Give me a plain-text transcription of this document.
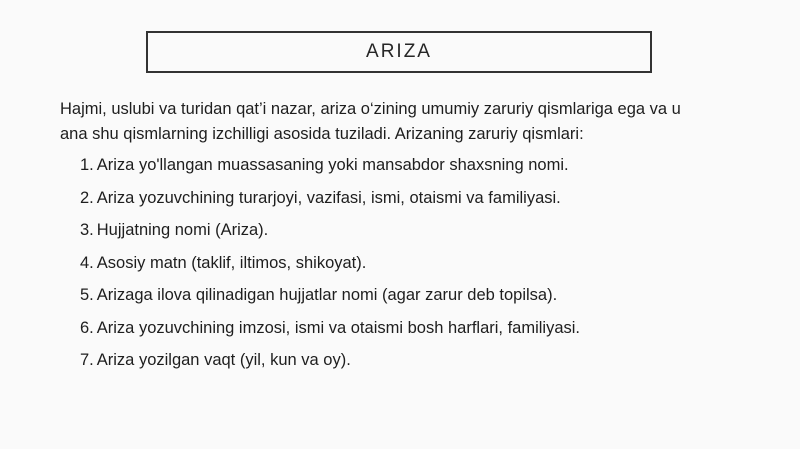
ARIZA
Hajmi, uslubi va turidan qat’i nazar, ariza o‘zining umumiy zaruriy qismlariga ega va u
ana shu qismlarning izchilligi asosida tuziladi. Arizaning zaruriy qismlari:
1. Ariza yo'llangan muassasaning yoki mansabdor shaxsning nomi.
2. Ariza yozuvchining turarjoyi, vazifasi, ismi, otaismi va familiyasi.
3. Hujjatning nomi (Ariza).
4. Asosiy matn (taklif, iltimos, shikoyat).
5. Arizaga ilova qilinadigan hujjatlar nomi (agar zarur deb topilsa).
6. Ariza yozuvchining imzosi, ismi va otaismi bosh harflari, familiyasi.
7. Ariza yozilgan vaqt (yil, kun va oy).
